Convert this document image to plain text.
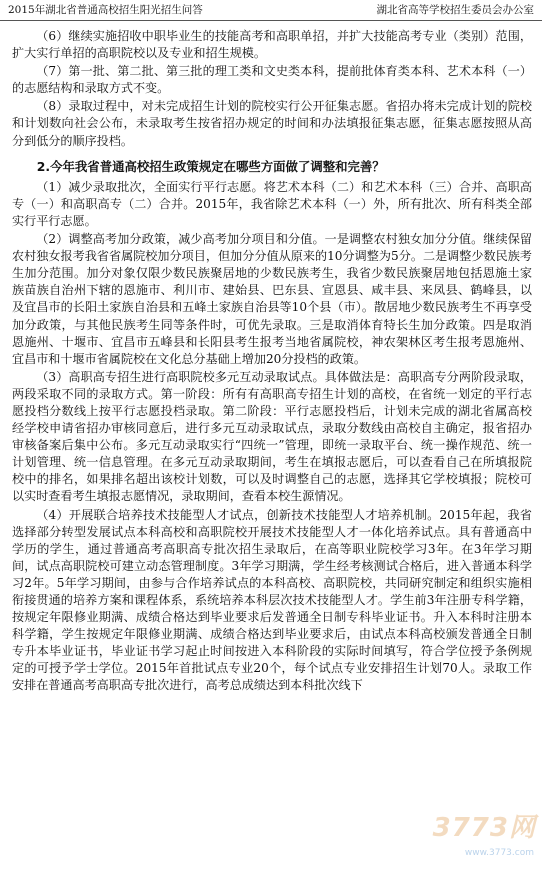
2015年湖北省普通高校招生阳光招生问答	湖北省高等学校招生委员会办公室

（6）继续实施招收中职毕业生的技能高考和高职单招，并扩大技能高考专业（类别）范围，扩大实行单招的高职院校以及专业和招生规模。

（7）第一批、第二批、第三批的理工类和文史类本科，提前批体育类本科、艺术本科（一）的志愿结构和录取方式不变。

（8）录取过程中，对未完成招生计划的院校实行公开征集志愿。省招办将未完成计划的院校和计划数向社会公布，未录取考生按省招办规定的时间和办法填报征集志愿，征集志愿按照从高分到低分的顺序投档。

2.今年我省普通高校招生政策规定在哪些方面做了调整和完善？

（1）减少录取批次，全面实行平行志愿。将艺术本科（二）和艺术本科（三）合并、高职高专（一）和高职高专（二）合并。2015年，我省除艺术本科（一）外，所有批次、所有科类全部实行平行志愿。

（2）调整高考加分政策，减少高考加分项目和分值。一是调整农村独女加分分值。继续保留农村独女报考我省省属院校加分项目，但加分分值从原来的10分调整为5分。二是调整少数民族考生加分范围。加分对象仅限少数民族聚居地的少数民族考生，我省少数民族聚居地包括恩施土家族苗族自治州下辖的恩施市、利川市、建始县、巴东县、宣恩县、咸丰县、来凤县、鹤峰县，以及宜昌市的长阳土家族自治县和五峰土家族自治县等10个县（市）。散居地少数民族考生不再享受加分政策，与其他民族考生同等条件时，可优先录取。三是取消体育特长生加分政策。四是取消恩施州、十堰市、宜昌市五峰县和长阳县考生报考当地省属院校，神农架林区考生报考恩施州、宜昌市和十堰市省属院校在文化总分基础上增加20分投档的政策。

（3）高职高专招生进行高职院校多元互动录取试点。具体做法是：高职高专分两阶段录取，两段采取不同的录取方式。第一阶段：所有有高职高专招生计划的高校，在省统一划定的平行志愿投档分数线上按平行志愿投档录取。第二阶段：平行志愿投档后，计划未完成的湖北省属高校经学校申请省招办审核同意后，进行多元互动录取试点，录取分数线由高校自主确定，报省招办审核备案后集中公布。多元互动录取实行“四统一”管理，即统一录取平台、统一操作规范、统一计划管理、统一信息管理。在多元互动录取期间，考生在填报志愿后，可以查看自己在所填报院校中的排名，如果排名超出该校计划数，可以及时调整自己的志愿，选择其它学校填报；院校可以实时查看考生填报志愿情况，录取期间，查看本校生源情况。

（4）开展联合培养技术技能型人才试点，创新技术技能型人才培养机制。2015年起，我省选择部分转型发展试点本科高校和高职院校开展技术技能型人才一体化培养试点。具有普通高中学历的学生，通过普通高考高职高专批次招生录取后，在高等职业院校学习3年。在3年学习期间，试点高职院校可建立动态管理制度。3年学习期满，学生经考核测试合格后，进入普通本科学习2年。5年学习期间，由参与合作培养试点的本科高校、高职院校，共同研究制定和组织实施相衔接贯通的培养方案和课程体系，系统培养本科层次技术技能型人才。学生前3年注册专科学籍，按规定年限修业期满、成绩合格达到毕业要求后发普通全日制专科毕业证书。升入本科时注册本科学籍，学生按规定年限修业期满、成绩合格达到毕业要求后，由试点本科高校颁发普通全日制专升本毕业证书，毕业证书学习起止时间按进入本科阶段的实际时间填写，符合学位授予条例规定的可授予学士学位。2015年首批试点专业20个，每个试点专业安排招生计划70人。录取工作安排在普通高考高职高专批次进行，高考总成绩达到本科批次线下

3773网
www.3773.com
